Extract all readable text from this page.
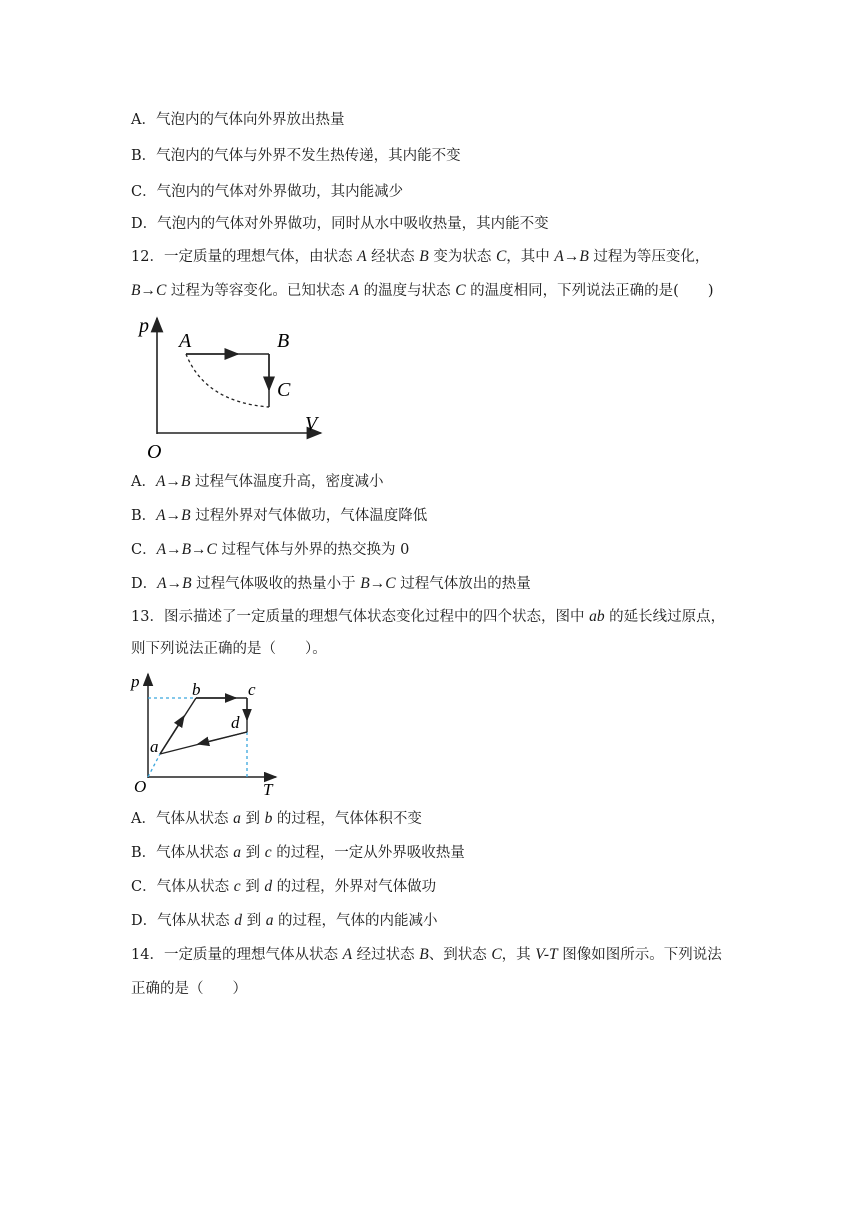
A．气泡内的气体向外界放出热量
B．气泡内的气体与外界不发生热传递，其内能不变
C．气泡内的气体对外界做功，其内能减少
D．气泡内的气体对外界做功，同时从水中吸收热量，其内能不变
12．一定质量的理想气体，由状态 A 经状态 B 变为状态 C，其中 A→B 过程为等压变化，
B→C 过程为等容变化。已知状态 A 的温度与状态 C 的温度相同，下列说法正确的是(　　)
p
V
O
A	B
C
A．A→B 过程气体温度升高，密度减小
B．A→B 过程外界对气体做功，气体温度降低
C．A→B→C 过程气体与外界的热交换为 0
D．A→B 过程气体吸收的热量小于 B→C 过程气体放出的热量
13．图示描述了一定质量的理想气体状态变化过程中的四个状态，图中 ab 的延长线过原点，
则下列说法正确的是（　　）。
p
T
O
a
b	c
d
A．气体从状态 a 到 b 的过程，气体体积不变
B．气体从状态 a 到 c 的过程，一定从外界吸收热量
C．气体从状态 c 到 d 的过程，外界对气体做功
D．气体从状态 d 到 a 的过程，气体的内能减小
14．一定质量的理想气体从状态 A 经过状态 B、到状态 C，其 V-T 图像如图所示。下列说法
正确的是（　　）
